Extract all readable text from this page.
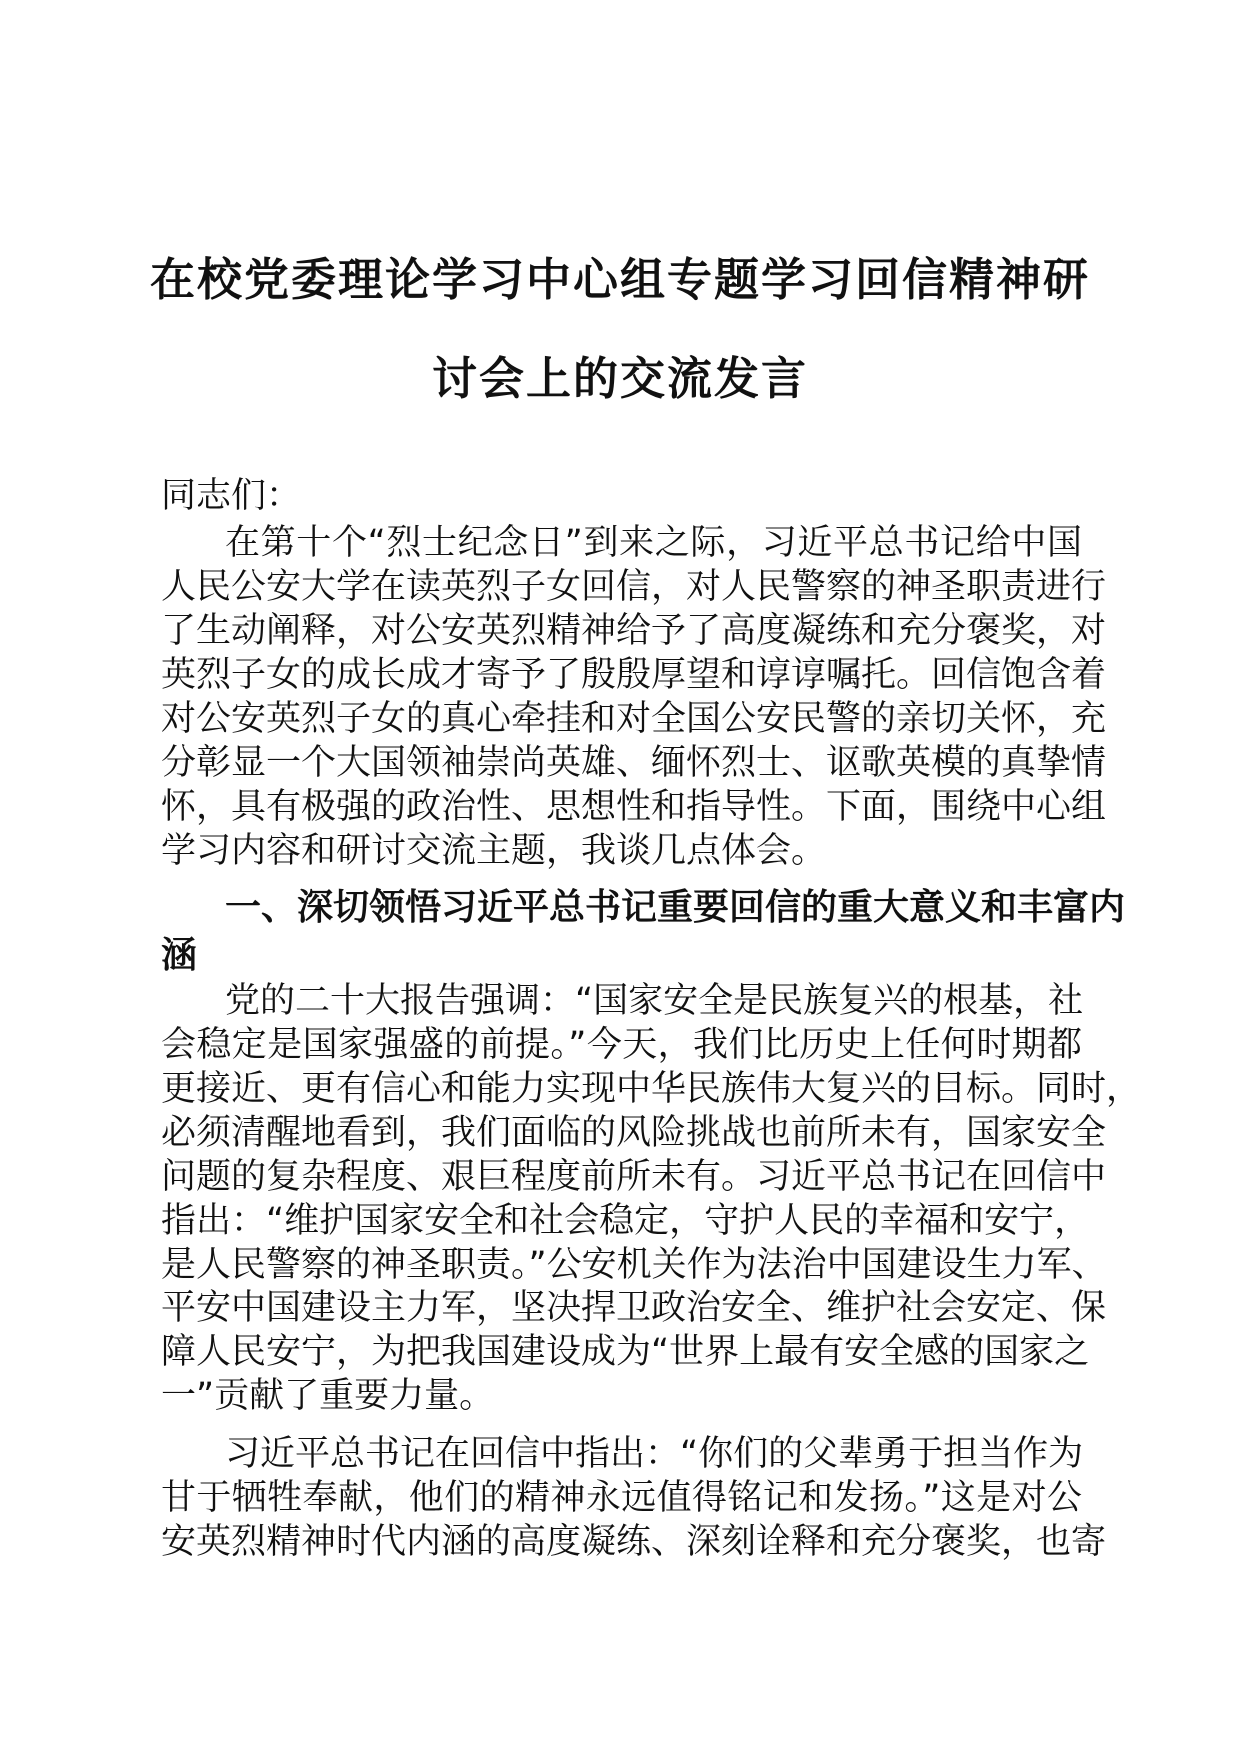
在校党委理论学习中心组专题学习回信精神研
讨会上的交流发言
同志们：
在第十个“烈士纪念日”到来之际，习近平总书记给中国
人民公安大学在读英烈子女回信，对人民警察的神圣职责进行
了生动阐释，对公安英烈精神给予了高度凝练和充分褒奖，对
英烈子女的成长成才寄予了殷殷厚望和谆谆嘱托。回信饱含着
对公安英烈子女的真心牵挂和对全国公安民警的亲切关怀，充
分彰显一个大国领袖崇尚英雄、缅怀烈士、讴歌英模的真挚情
怀，具有极强的政治性、思想性和指导性。下面，围绕中心组
学习内容和研讨交流主题，我谈几点体会。
一、深切领悟习近平总书记重要回信的重大意义和丰富内
涵
党的二十大报告强调：“国家安全是民族复兴的根基，社
会稳定是国家强盛的前提。”今天，我们比历史上任何时期都
更接近、更有信心和能力实现中华民族伟大复兴的目标。同时，
必须清醒地看到，我们面临的风险挑战也前所未有，国家安全
问题的复杂程度、艰巨程度前所未有。习近平总书记在回信中
指出：“维护国家安全和社会稳定，守护人民的幸福和安宁，
是人民警察的神圣职责。”公安机关作为法治中国建设生力军、
平安中国建设主力军，坚决捍卫政治安全、维护社会安定、保
障人民安宁，为把我国建设成为“世界上最有安全感的国家之
一”贡献了重要力量。
习近平总书记在回信中指出：“你们的父辈勇于担当作为
甘于牺牲奉献，他们的精神永远值得铭记和发扬。”这是对公
安英烈精神时代内涵的高度凝练、深刻诠释和充分褒奖，也寄
